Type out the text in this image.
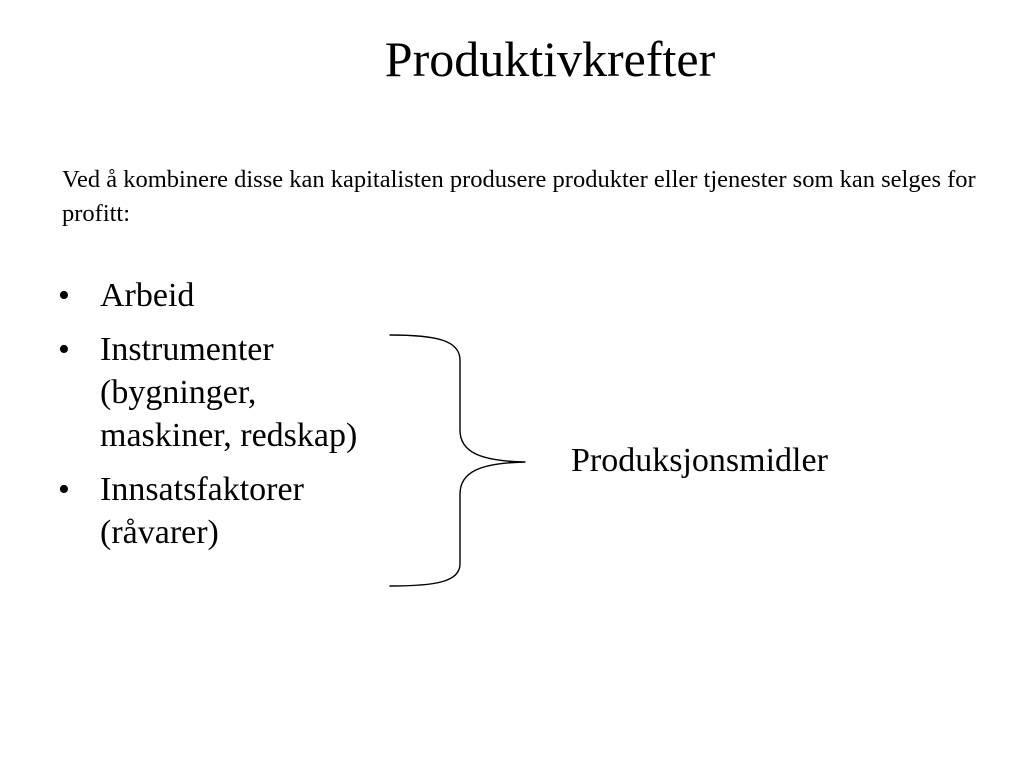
Produktivkrefter
Ved å kombinere disse kan kapitalisten produsere produkter eller tjenester som kan selges for profitt:
• Arbeid
• Instrumenter (bygninger, maskiner, redskap)
• Innsatsfaktorer (råvarer)
Produksjonsmidler
